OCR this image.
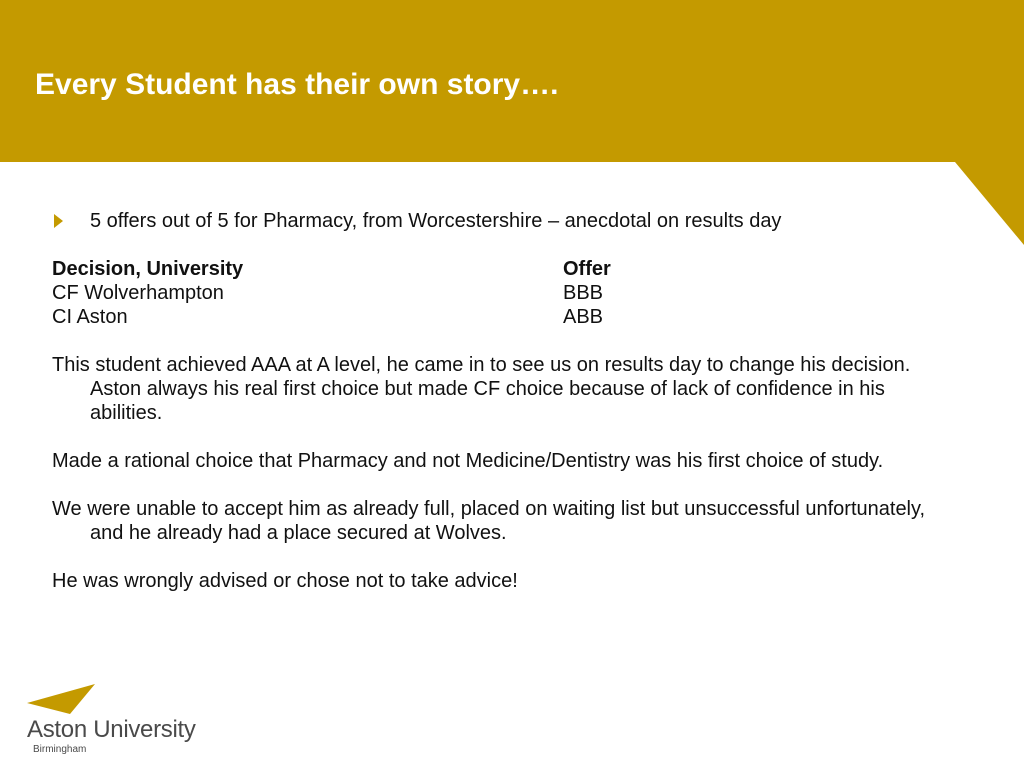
Every Student has their own story….
5 offers out of 5 for Pharmacy, from Worcestershire – anecdotal on results day
Decision, University	Offer
CF Wolverhampton	BBB
CI Aston	ABB
This student achieved AAA at A level, he came in to see us on results day to change his decision. Aston always his real first choice but made CF choice because of lack of confidence in his abilities.
Made a rational choice that Pharmacy and not Medicine/Dentistry was his first choice of study.
We were unable to accept him as already full, placed on waiting list but unsuccessful unfortunately, and he already had a place secured at Wolves.
He was wrongly advised or chose not to take advice!
Aston University
Birmingham
